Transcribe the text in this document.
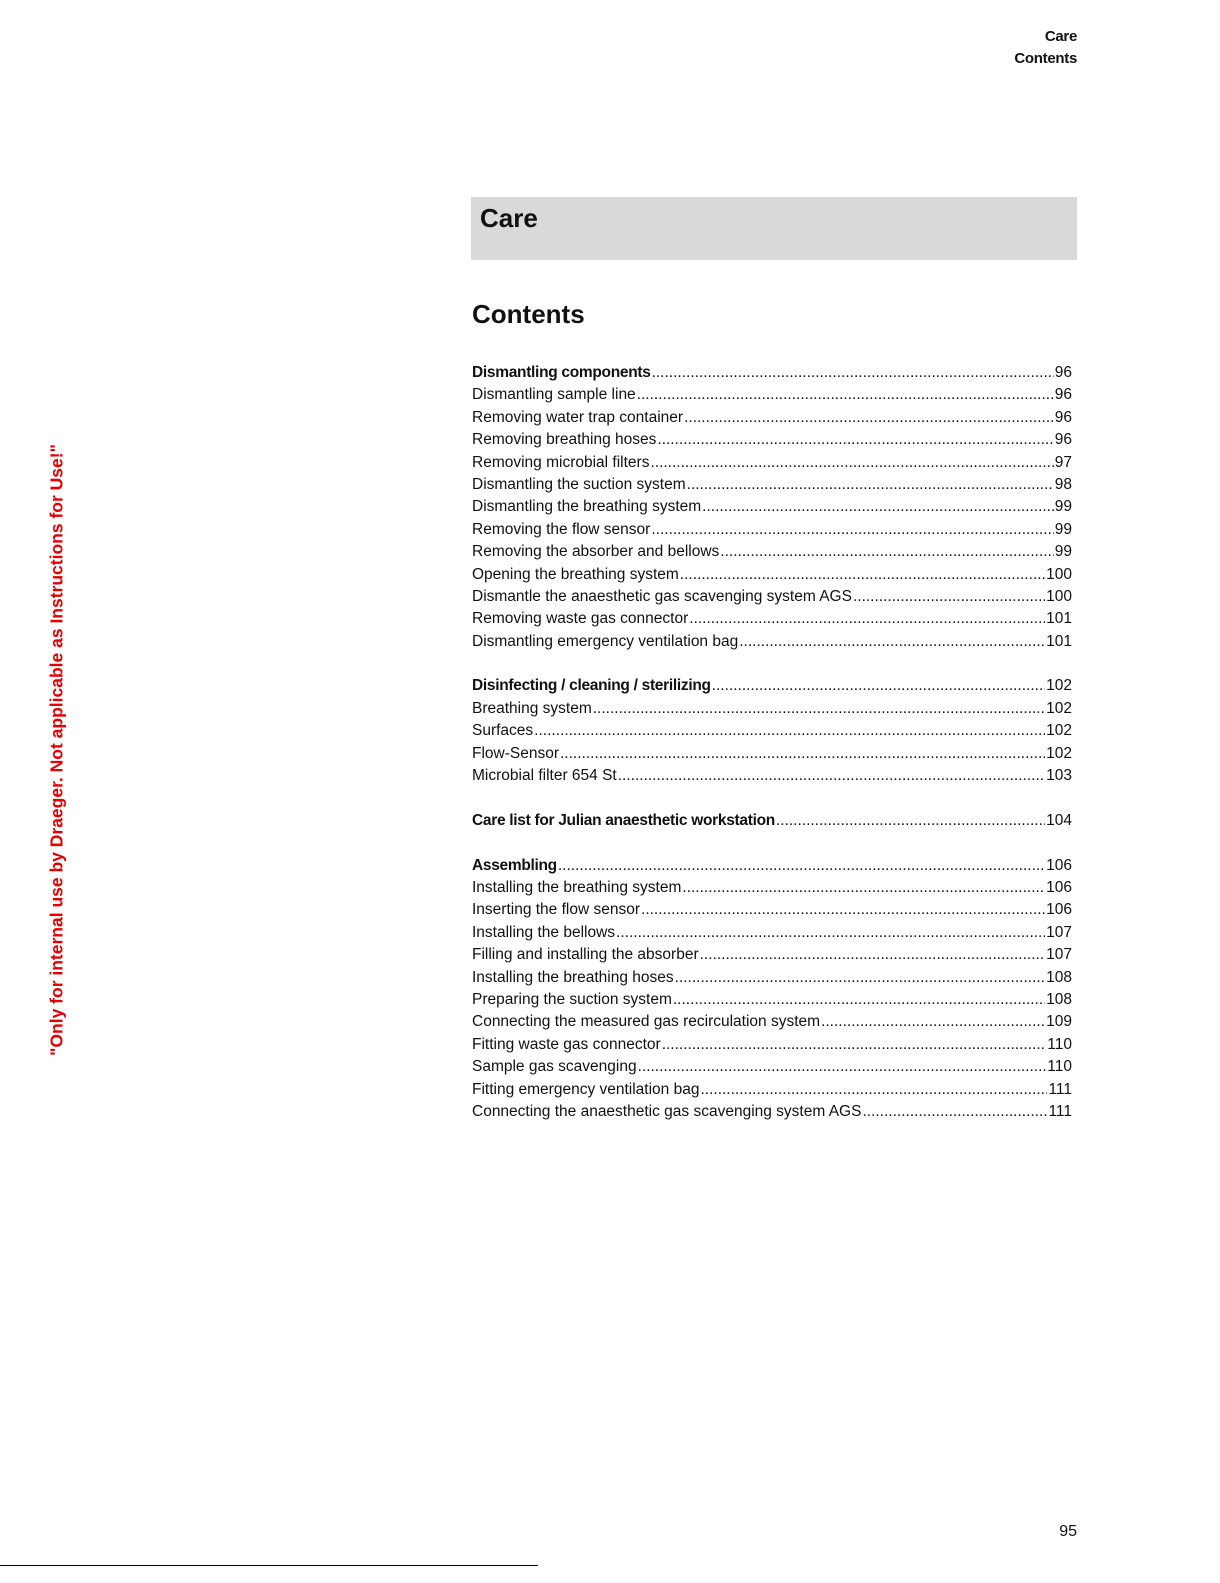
Care
Contents
"Only for internal use by Draeger. Not applicable as Instructions for Use!"
Care
Contents
Dismantling components .....	96
Dismantling sample line .....	96
Removing water trap container .....	96
Removing breathing hoses .....	96
Removing microbial filters .....	97
Dismantling the suction system .....	98
Dismantling the breathing system .....	99
Removing the flow sensor .....	99
Removing the absorber and bellows .....	99
Opening the breathing system .....	100
Dismantle the anaesthetic gas scavenging system AGS .....	100
Removing waste gas connector .....	101
Dismantling emergency ventilation bag .....	101
Disinfecting / cleaning / sterilizing .....	102
Breathing system .....	102
Surfaces .....	102
Flow-Sensor .....	102
Microbial filter 654 St .....	103
Care list for Julian anaesthetic workstation .....	104
Assembling .....	106
Installing the breathing system .....	106
Inserting the flow sensor .....	106
Installing the bellows .....	107
Filling and installing the absorber .....	107
Installing the breathing hoses .....	108
Preparing the suction system .....	108
Connecting the measured gas recirculation system .....	109
Fitting waste gas connector .....	110
Sample gas scavenging .....	110
Fitting emergency ventilation bag .....	111
Connecting the anaesthetic gas scavenging system AGS .....	111
95
